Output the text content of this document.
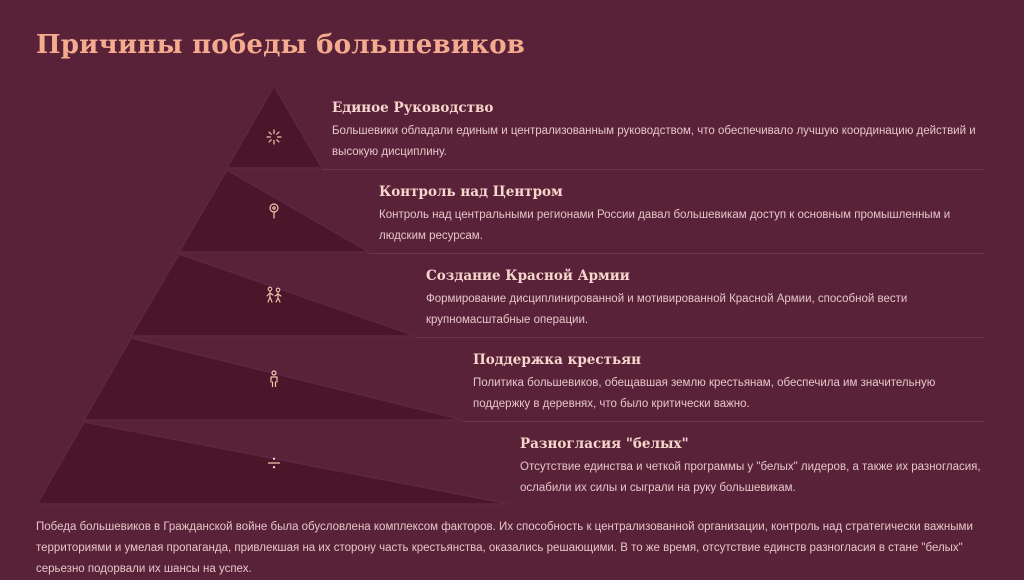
Причины победы большевиков

Единое Руководство

Большевики обладали единым и централизованным руководством, что обеспечивало лучшую координацию действий и высокую дисциплину.

Контроль над Центром

Контроль над центральными регионами России давал большевикам доступ к основным промышленным и людским ресурсам.

Создание Красной Армии

Формирование дисциплинированной и мотивированной Красной Армии, способной вести крупномасштабные операции.

Поддержка крестьян

Политика большевиков, обещавшая землю крестьянам, обеспечила им значительную поддержку в деревнях, что было критически важно.

Разногласия "белых"

Отсутствие единства и четкой программы у "белых" лидеров, а также их разногласия, ослабили их силы и сыграли на руку большевикам.

Победа большевиков в Гражданской войне была обусловлена комплексом факторов. Их способность к централизованной организации, контроль над стратегически важными территориями и умелая пропаганда, привлекшая на их сторону часть крестьянства, оказались решающими. В то же время, отсутствие единств разногласия в стане "белых" серьезно подорвали их шансы на успех.
